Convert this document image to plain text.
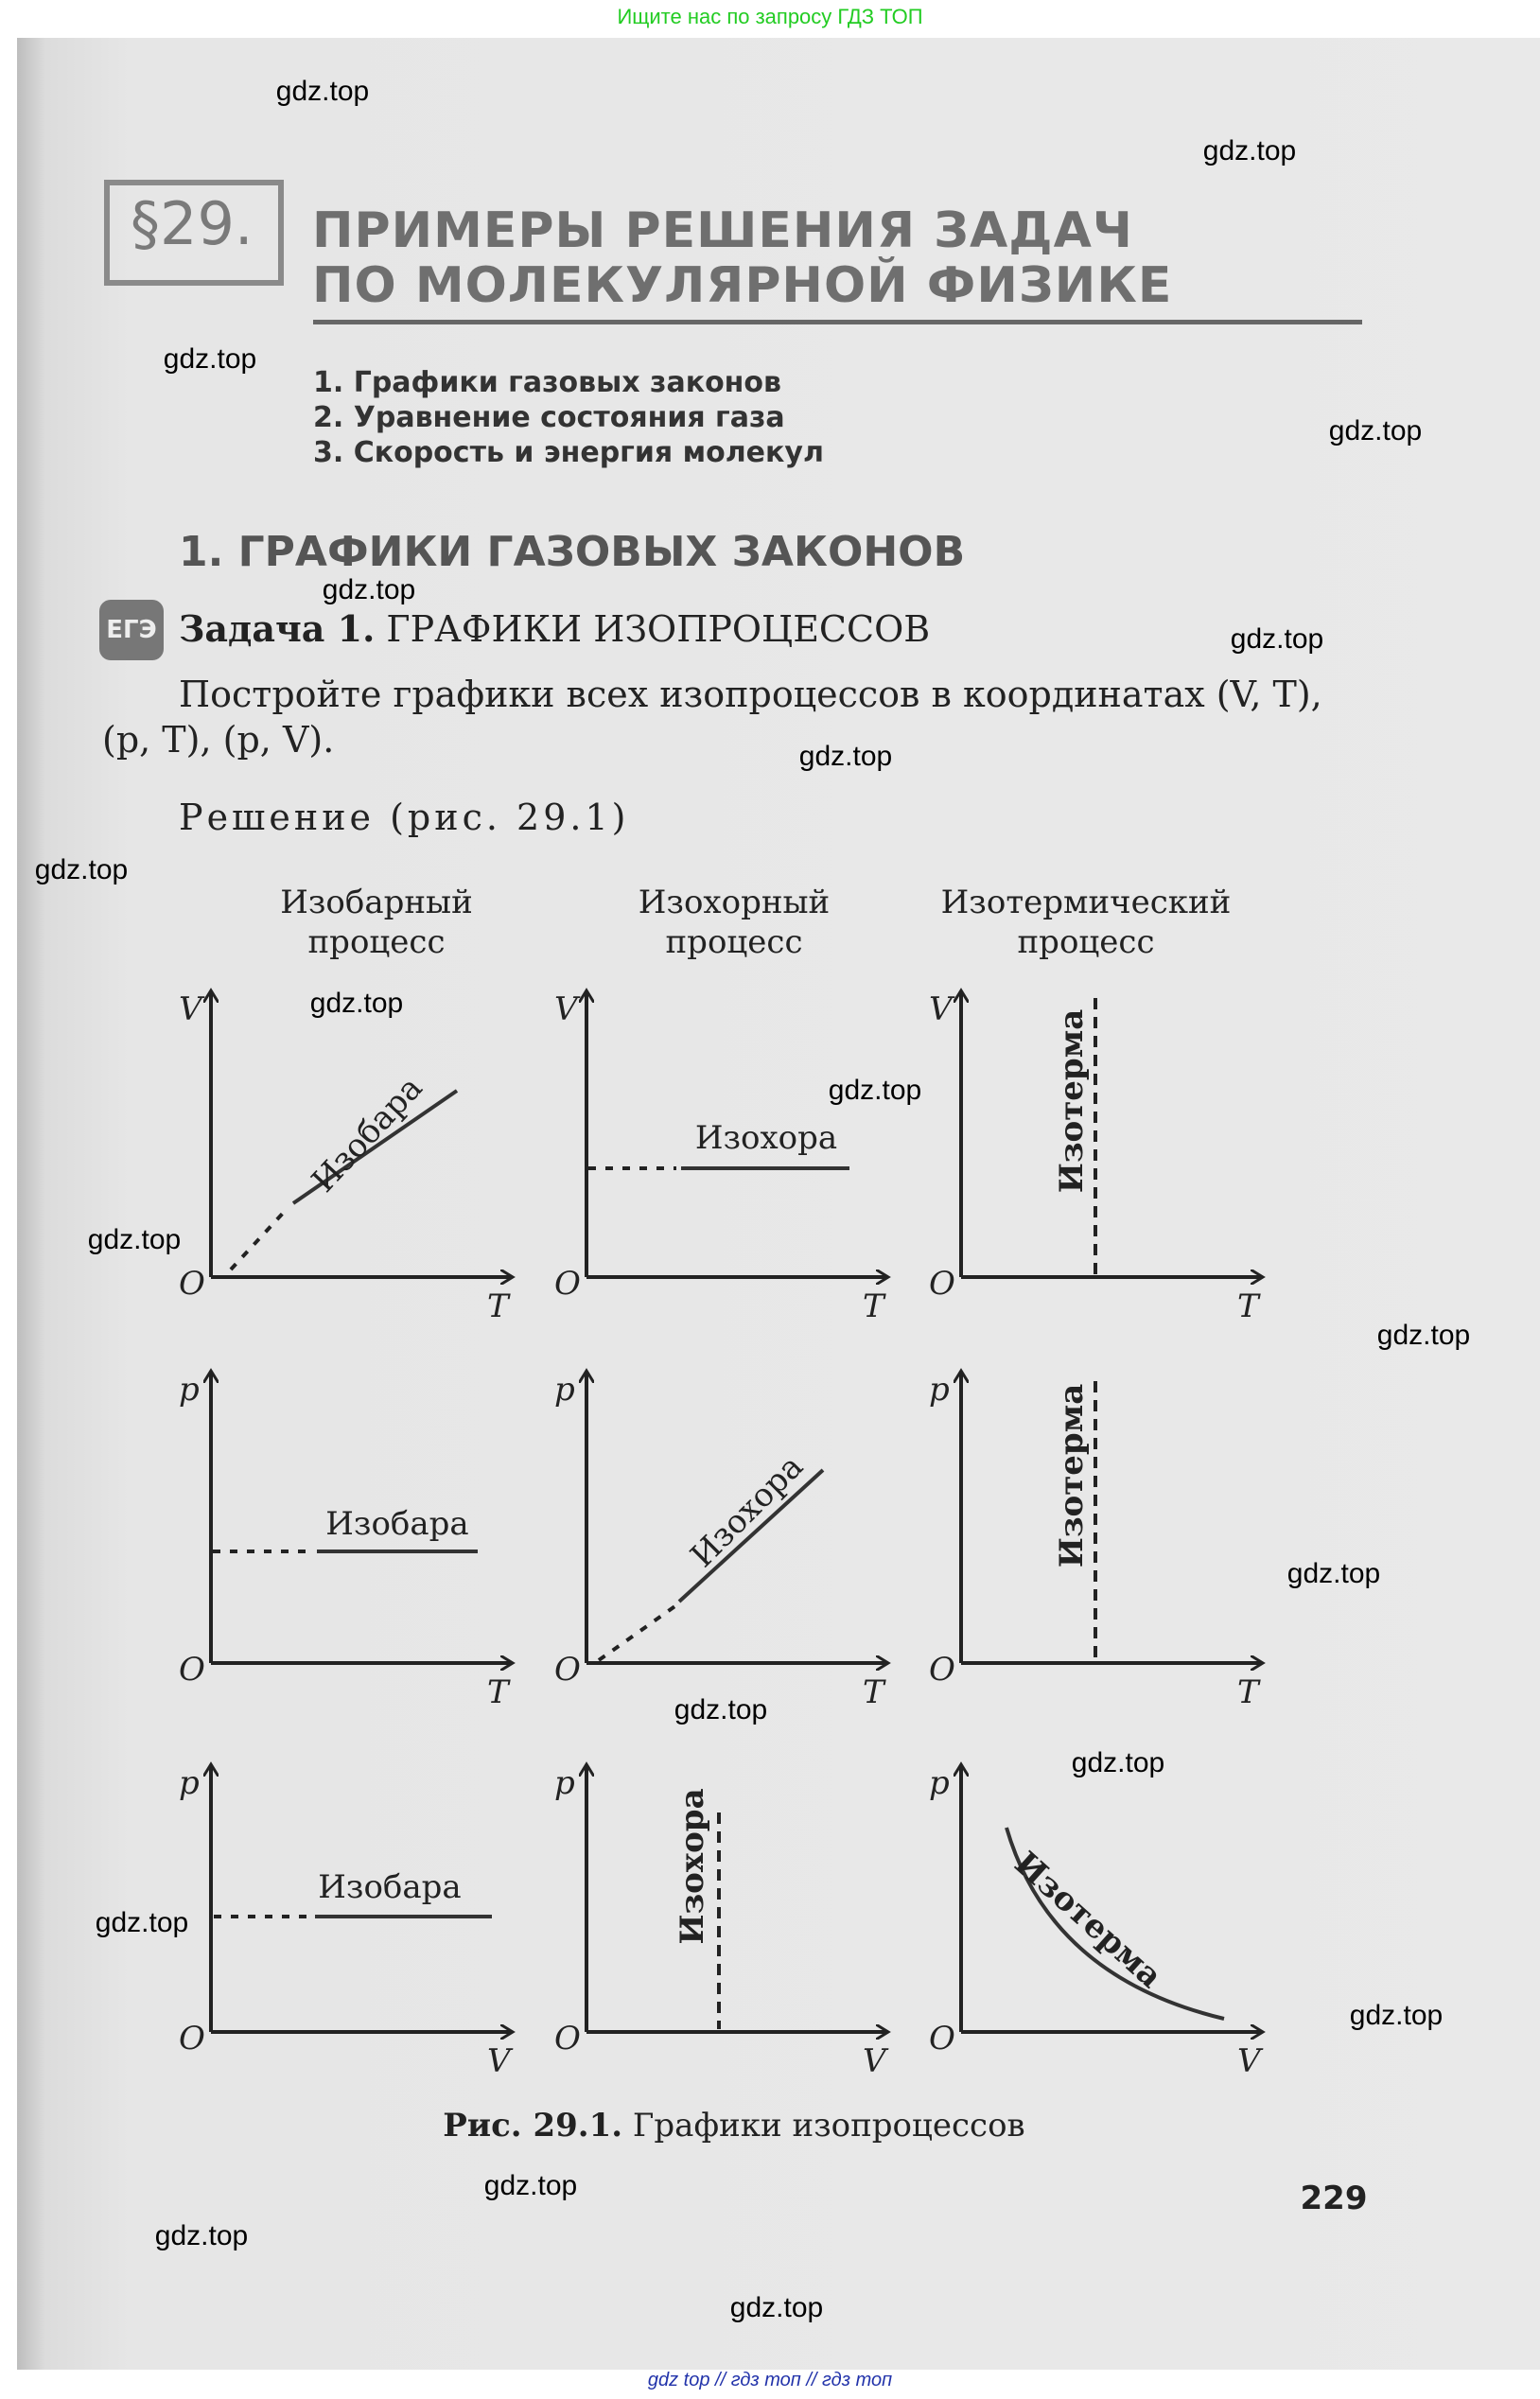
Ищите нас по запросу ГДЗ ТОП
§29. ПРИМЕРЫ РЕШЕНИЯ ЗАДАЧ
ПО МОЛЕКУЛЯРНОЙ ФИЗИКЕ
1. Графики газовых законов
2. Уравнение состояния газа
3. Скорость и энергия молекул
1. ГРАФИКИ ГАЗОВЫХ ЗАКОНОВ
ЕГЭ Задача 1. ГРАФИКИ ИЗОПРОЦЕССОВ
Постройте графики всех изопроцессов в координатах (V, T),
(p, T), (p, V).
Решение (рис. 29.1)
Изобарный
процесс
Изохорный
процесс
Изотермический
процесс
V
T
O
V
T
O
V
T
O
p
T
O
p
T
O
p
T
O
p
V
O
p
V
O
p
V
O
Изобара	Изохора	Изотерма
Изобара	Изохора	Изотерма
Изобара	Изохора	Изотерма
Рис. 29.1. Графики изопроцессов
229
gdz.top
gdz.top
gdz.top
gdz.top
gdz.top
gdz.top
gdz.top
gdz.top
gdz.top
gdz.top
gdz.top
gdz.top
gdz.top
gdz.top
gdz.top
gdz.top
gdz.top
gdz.top
gdz.top
gdz.top
gdz top // гдз топ // гдз топ
